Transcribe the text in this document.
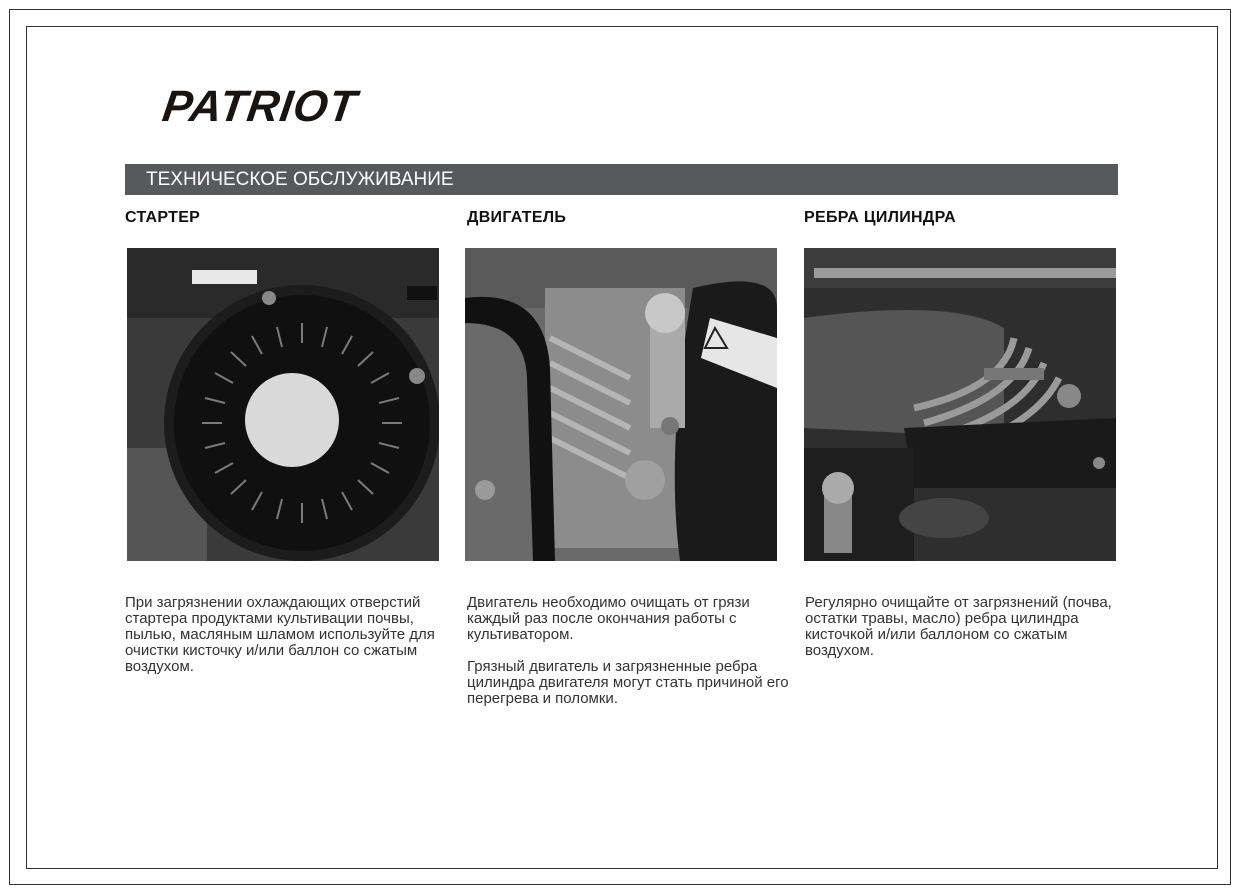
PATRIOT
ТЕХНИЧЕСКОЕ ОБСЛУЖИВАНИЕ
СТАРТЕР

При загрязнении охлаждающих отверстий стартера продуктами культивации почвы, пылью, масляным шламом используйте для очистки кисточку и/или баллон со сжатым воздухом.

ДВИГАТЕЛЬ

Двигатель необходимо очищать от грязи каждый раз после окончания работы с культиватором.

Грязный двигатель и загрязненные ребра цилиндра двигателя могут стать причиной его перегрева и поломки.

РЕБРА ЦИЛИНДРА

Регулярно очищайте от загрязнений (почва, остатки травы, масло) ребра цилиндра кисточкой и/или баллоном со сжатым воздухом.
